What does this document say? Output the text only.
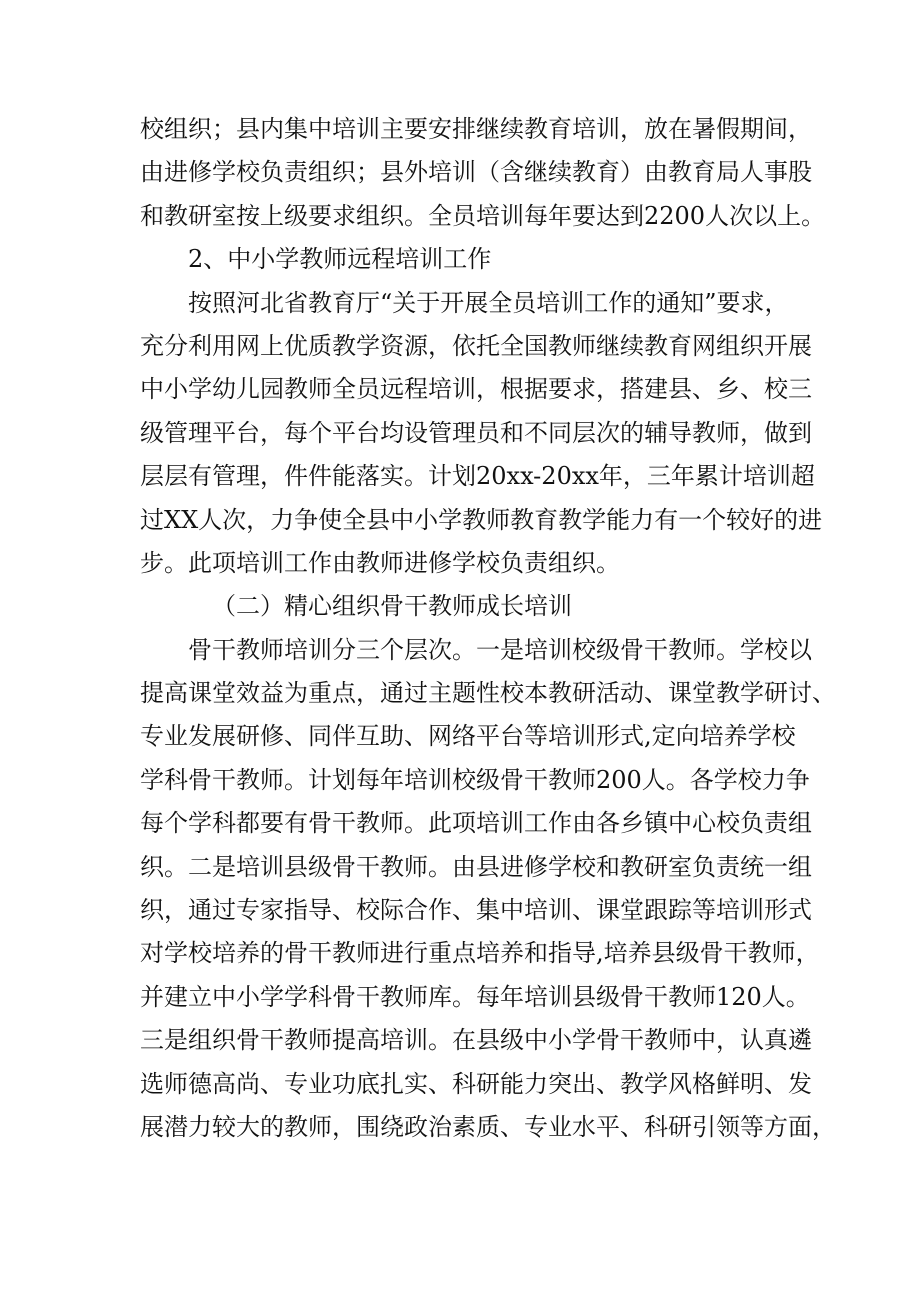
校组织；县内集中培训主要安排继续教育培训，放在暑假期间，
由进修学校负责组织；县外培训（含继续教育）由教育局人事股
和教研室按上级要求组织。全员培训每年要达到2200人次以上。
2、中小学教师远程培训工作
按照河北省教育厅“关于开展全员培训工作的通知”要求，
充分利用网上优质教学资源，依托全国教师继续教育网组织开展
中小学幼儿园教师全员远程培训，根据要求，搭建县、乡、校三
级管理平台，每个平台均设管理员和不同层次的辅导教师，做到
层层有管理，件件能落实。计划20xx-20xx年，三年累计培训超
过XX人次，力争使全县中小学教师教育教学能力有一个较好的进
步。此项培训工作由教师进修学校负责组织。
（二）精心组织骨干教师成长培训
骨干教师培训分三个层次。一是培训校级骨干教师。学校以
提高课堂效益为重点，通过主题性校本教研活动、课堂教学研讨、
专业发展研修、同伴互助、网络平台等培训形式,定向培养学校
学科骨干教师。计划每年培训校级骨干教师200人。各学校力争
每个学科都要有骨干教师。此项培训工作由各乡镇中心校负责组
织。二是培训县级骨干教师。由县进修学校和教研室负责统一组
织，通过专家指导、校际合作、集中培训、课堂跟踪等培训形式
对学校培养的骨干教师进行重点培养和指导,培养县级骨干教师，
并建立中小学学科骨干教师库。每年培训县级骨干教师120人。
三是组织骨干教师提高培训。在县级中小学骨干教师中，认真遴
选师德高尚、专业功底扎实、科研能力突出、教学风格鲜明、发
展潜力较大的教师，围绕政治素质、专业水平、科研引领等方面，
